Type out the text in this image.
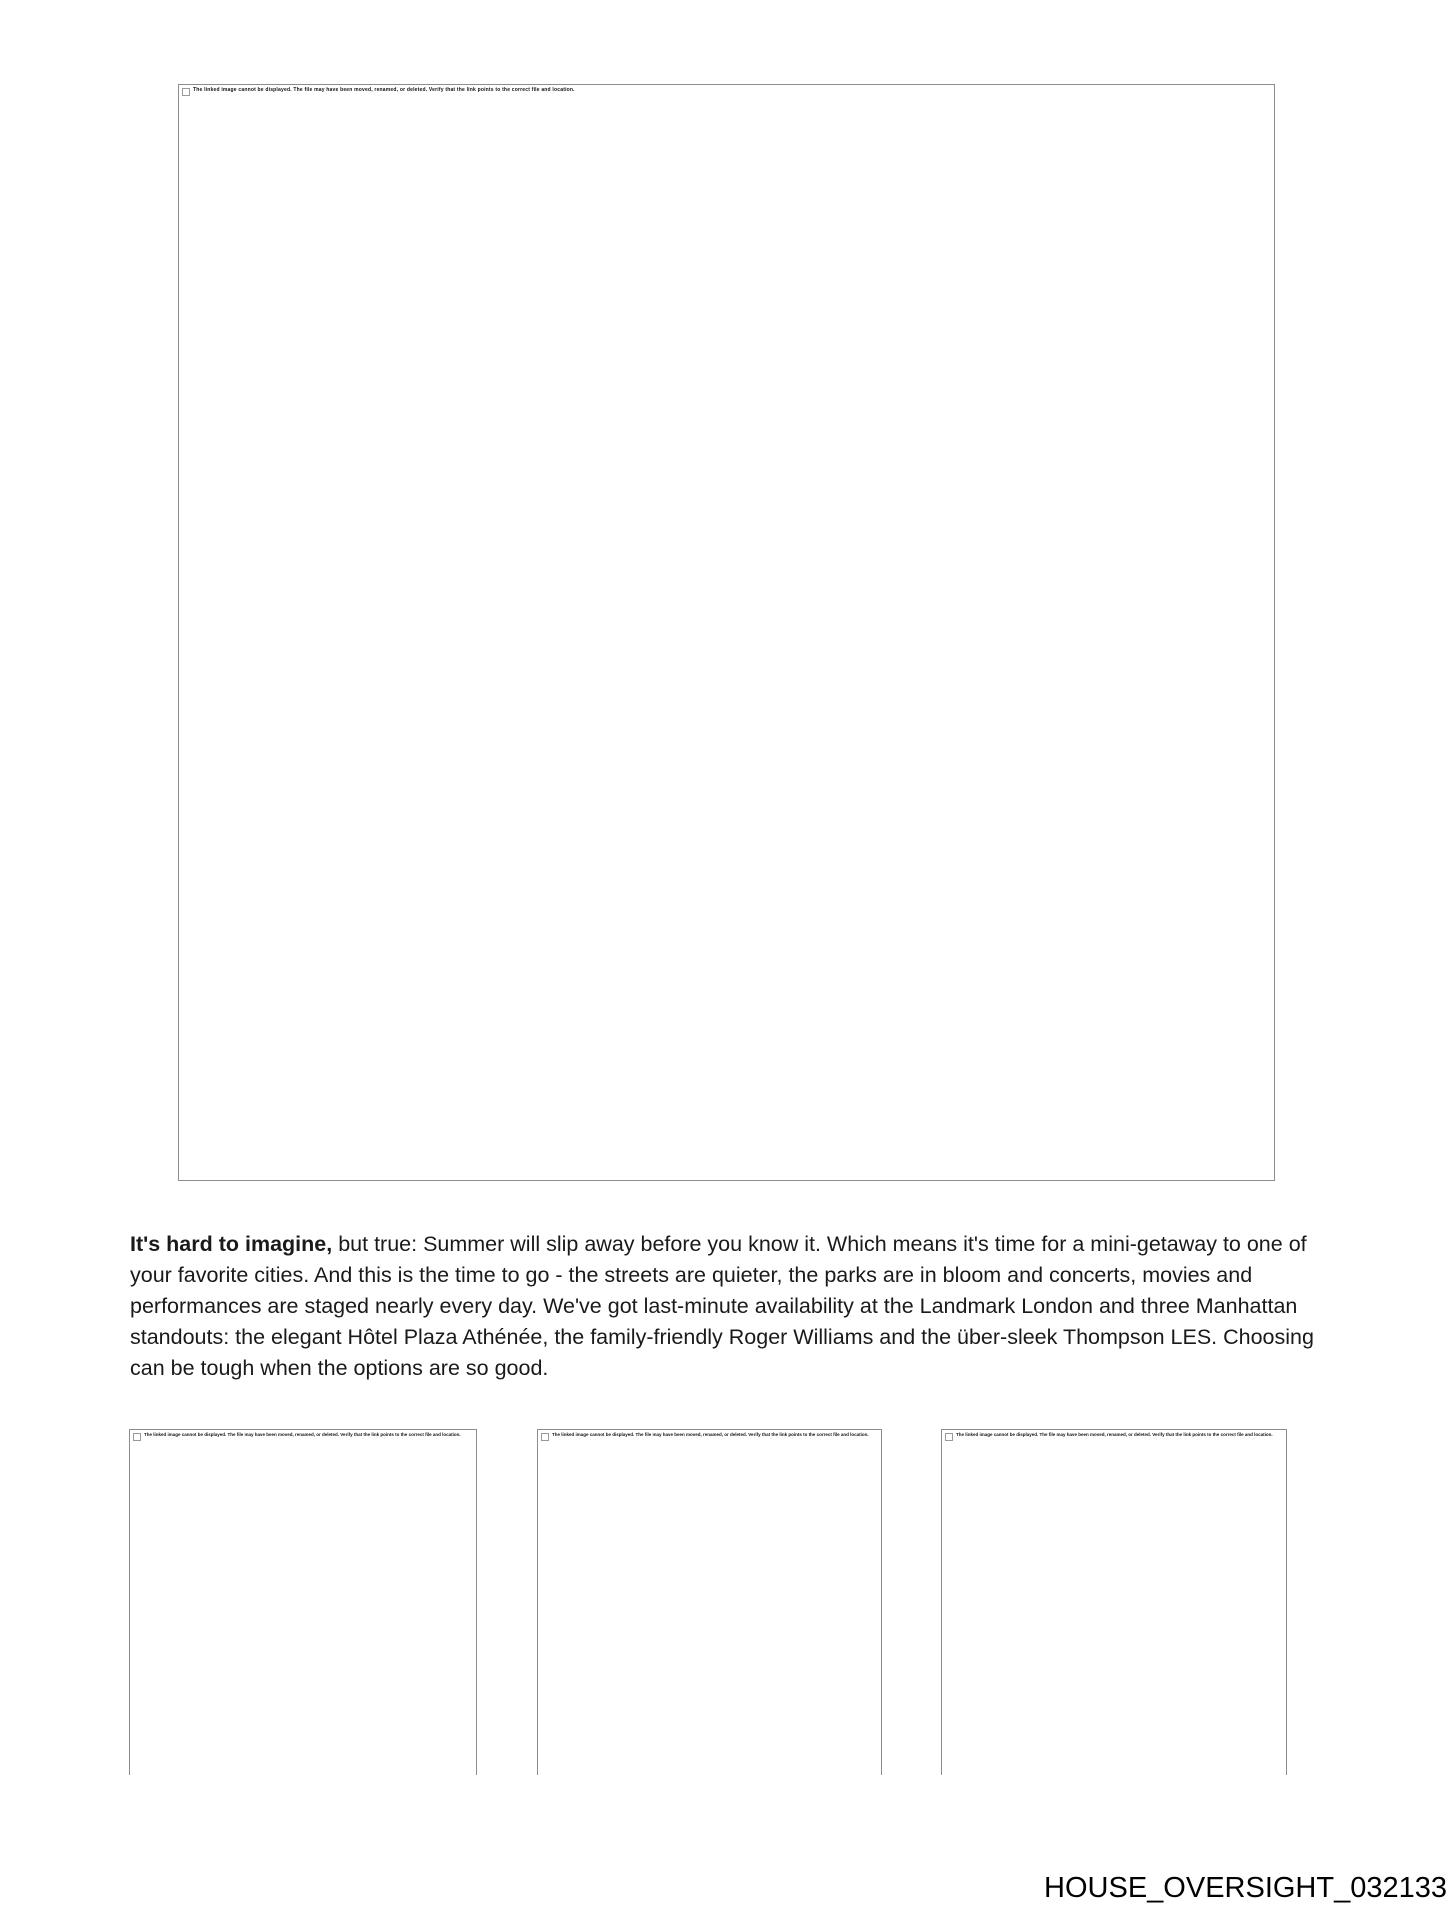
The linked image cannot be displayed. The file may have been moved, renamed, or deleted. Verify that the link points to the correct file and location.
It's hard to imagine, but true: Summer will slip away before you know it. Which means it's time for a mini-getaway to one of
your favorite cities. And this is the time to go - the streets are quieter, the parks are in bloom and concerts, movies and
performances are staged nearly every day. We've got last-minute availability at the Landmark London and three Manhattan
standouts: the elegant Hôtel Plaza Athénée, the family-friendly Roger Williams and the über-sleek Thompson LES. Choosing
can be tough when the options are so good.
The linked image cannot be displayed. The file may have been moved, renamed, or deleted. Verify that the link points to the correct file and location.	The linked image cannot be displayed. The file may have been moved, renamed, or deleted. Verify that the link points to the correct file and location.	The linked image cannot be displayed. The file may have been moved, renamed, or deleted. Verify that the link points to the correct file and location.
HOUSE_OVERSIGHT_032133
